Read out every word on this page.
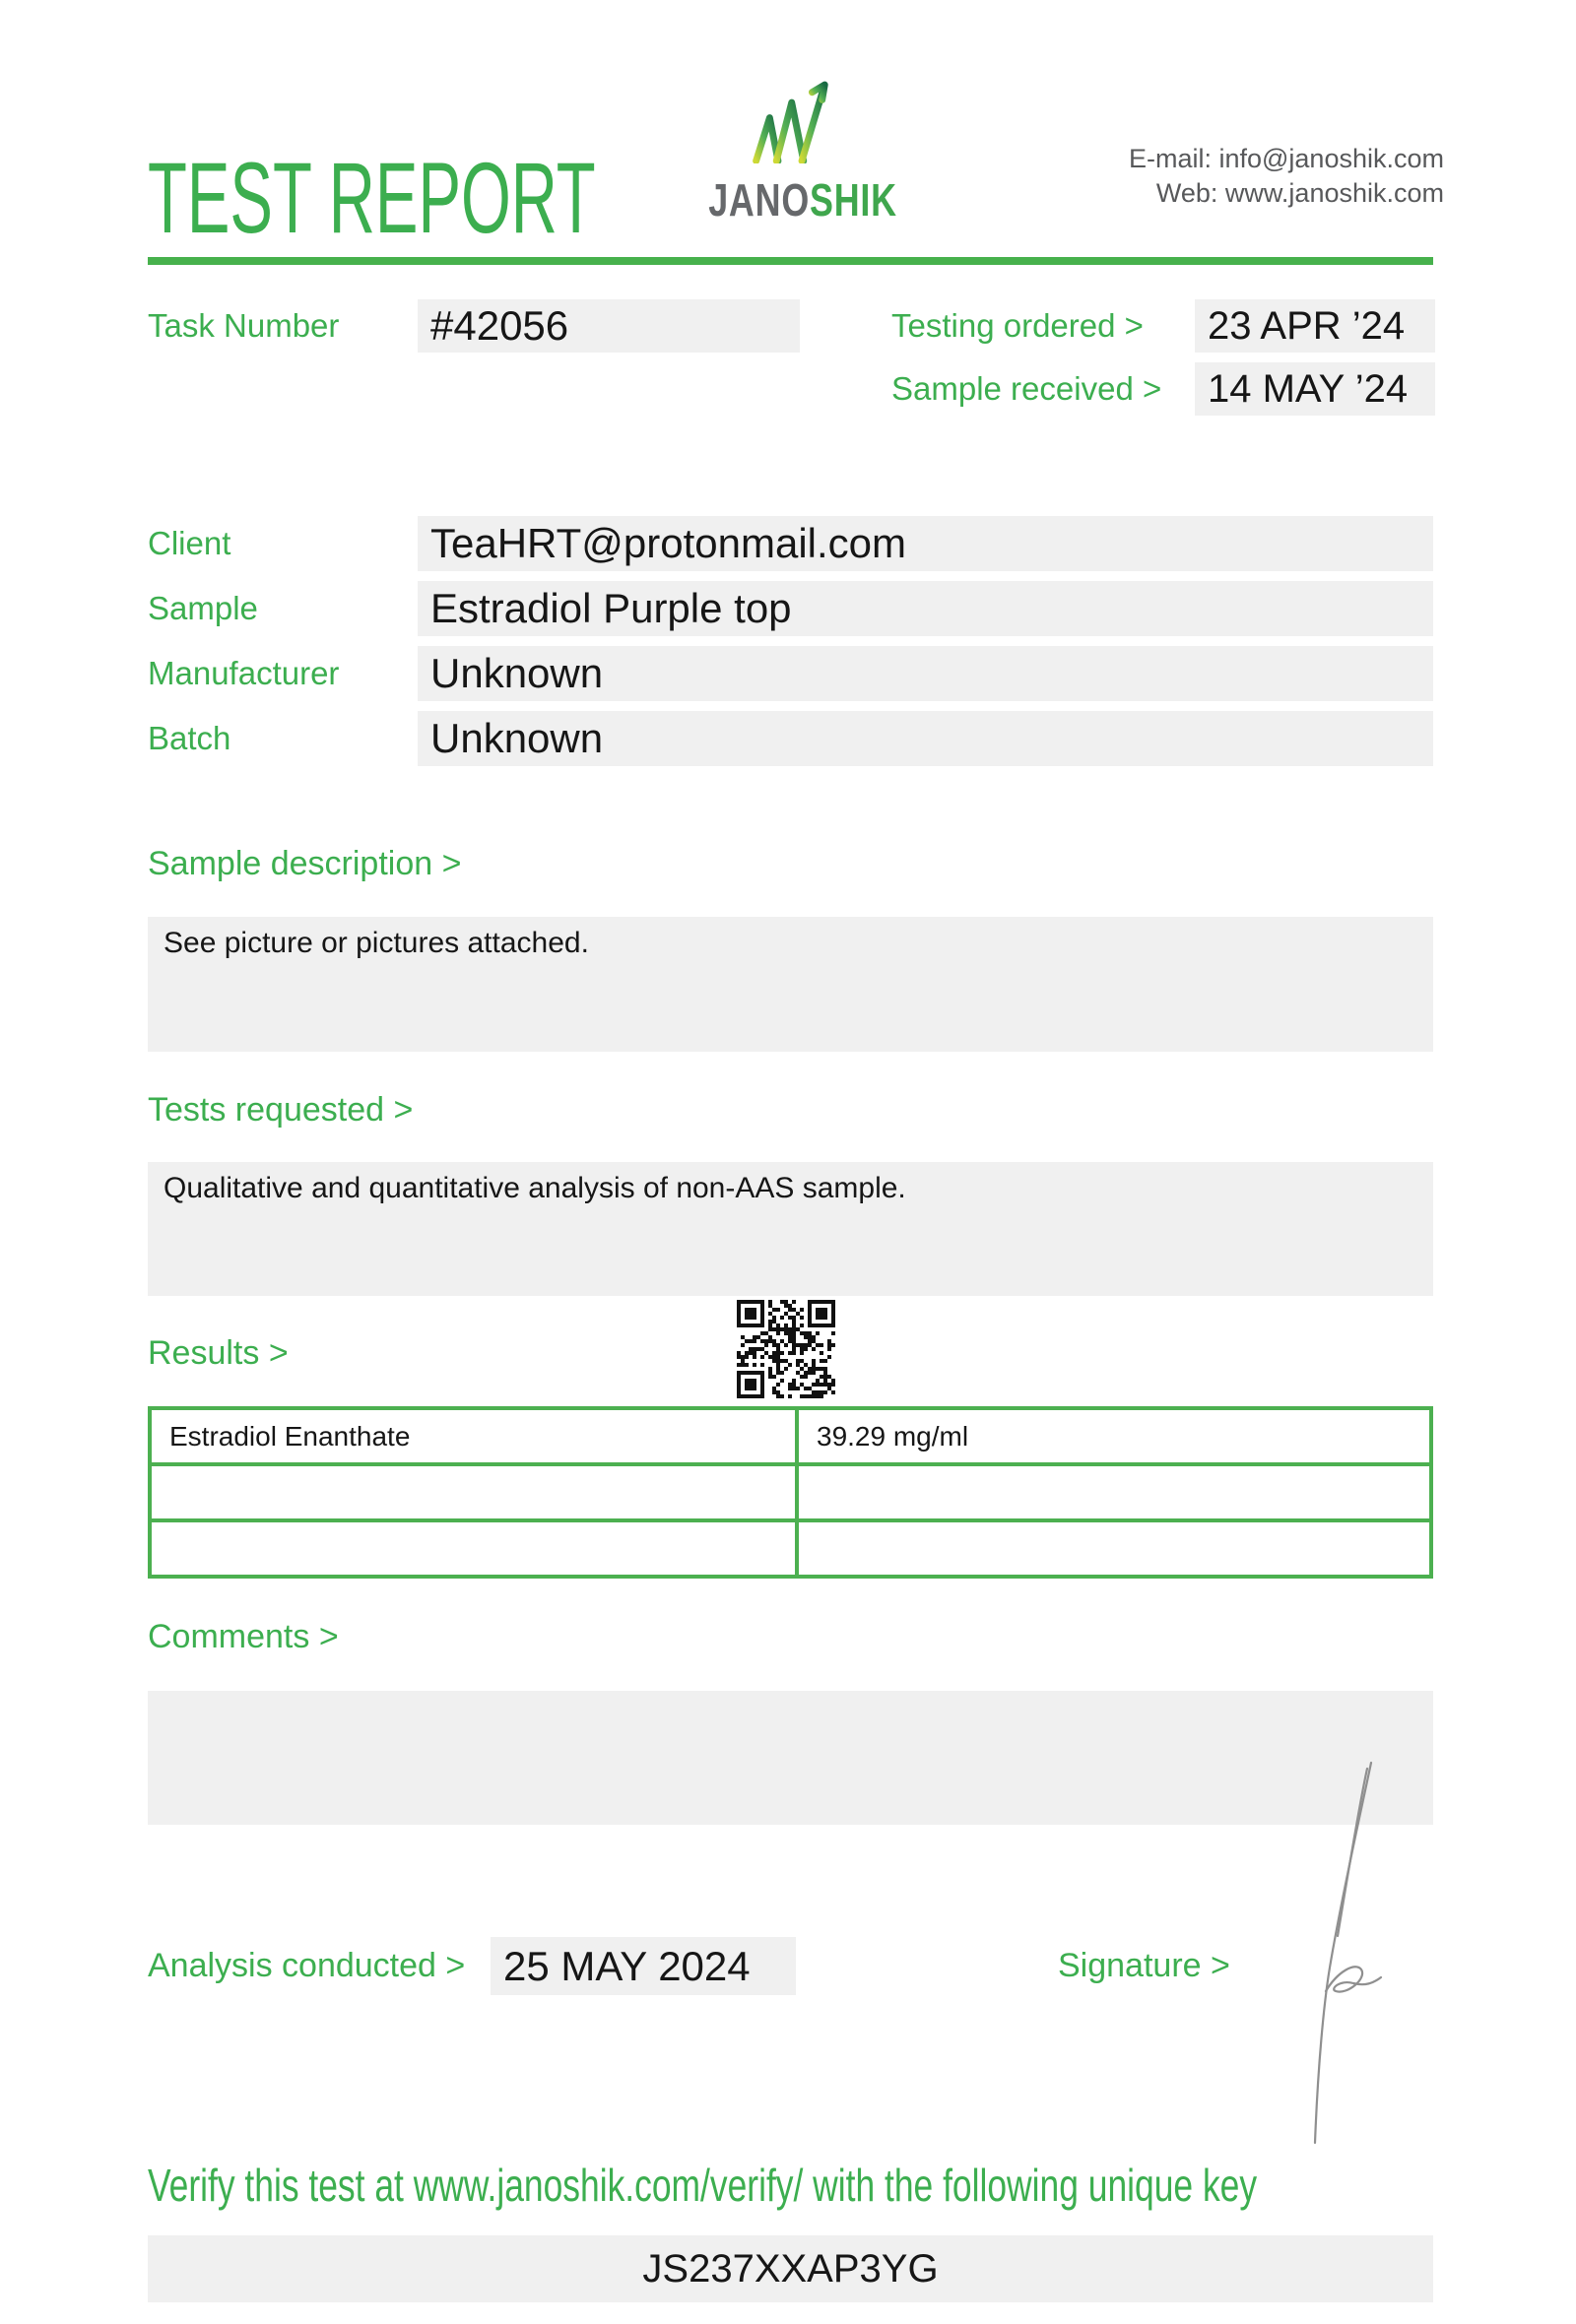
TEST REPORT JANOSHIK
E-mail: info@janoshik.com
Web: www.janoshik.com
Task Number	#42056	Testing ordered >	23 APR ’24
Sample received >	14 MAY ’24
Client	TeaHRT@protonmail.com
Sample	Estradiol Purple top
Manufacturer	Unknown
Batch	Unknown
Sample description >
See picture or pictures attached.
Tests requested >
Qualitative and quantitative analysis of non-AAS sample.
Results >
Estradiol Enanthate	39.29 mg/ml
Comments >
Analysis conducted > 25 MAY 2024	Signature >
Verify this test at www.janoshik.com/verify/ with the following unique key
JS237XXAP3YG
